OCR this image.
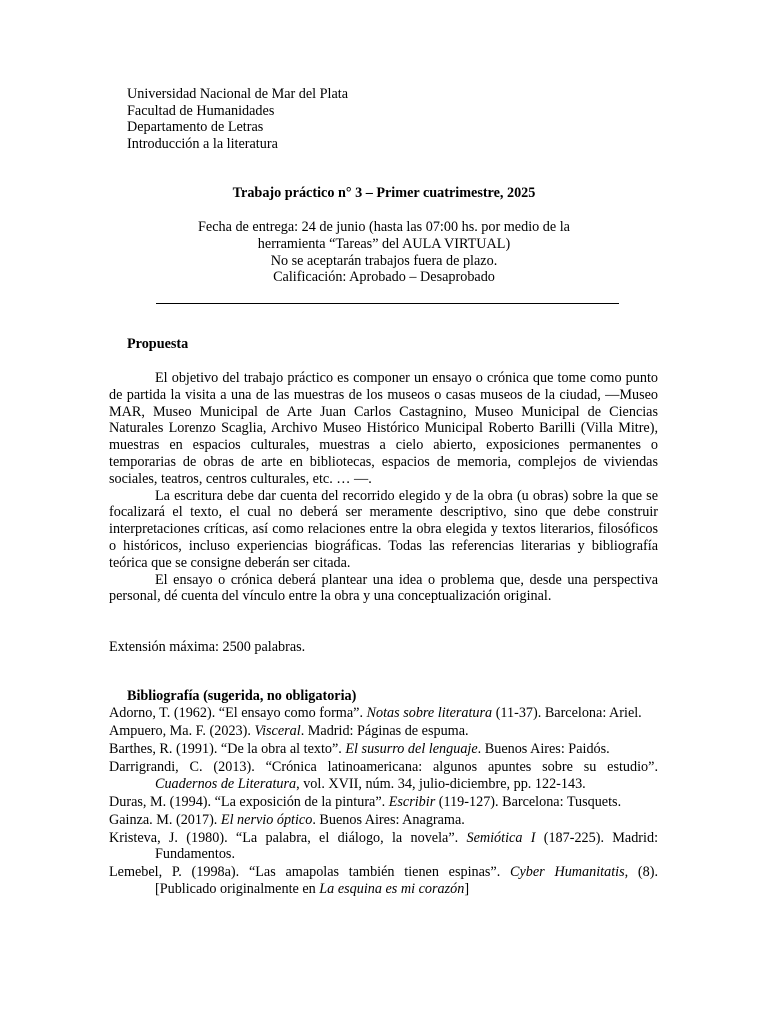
Universidad Nacional de Mar del Plata
Facultad de Humanidades
Departamento de Letras
Introducción a la literatura
Trabajo práctico n° 3 – Primer cuatrimestre, 2025
Fecha de entrega: 24 de junio (hasta las 07:00 hs. por medio de la
herramienta “Tareas” del AULA VIRTUAL)
No se aceptarán trabajos fuera de plazo.
Calificación: Aprobado – Desaprobado
Propuesta

El objetivo del trabajo práctico es componer un ensayo o crónica que tome como punto de partida la visita a una de las muestras de los museos o casas museos de la ciudad, —Museo MAR, Museo Municipal de Arte Juan Carlos Castagnino, Museo Municipal de Ciencias Naturales Lorenzo Scaglia, Archivo Museo Histórico Municipal Roberto Barilli (Villa Mitre), muestras en espacios culturales, muestras a cielo abierto, exposiciones permanentes o temporarias de obras de arte en bibliotecas, espacios de memoria, complejos de viviendas sociales, teatros, centros culturales, etc. … —.

La escritura debe dar cuenta del recorrido elegido y de la obra (u obras) sobre la que se focalizará el texto, el cual no deberá ser meramente descriptivo, sino que debe construir interpretaciones críticas, así como relaciones entre la obra elegida y textos literarios, filosóficos o históricos, incluso experiencias biográficas. Todas las referencias literarias y bibliografía teórica que se consigne deberán ser citada.

El ensayo o crónica deberá plantear una idea o problema que, desde una perspectiva personal, dé cuenta del vínculo entre la obra y una conceptualización original.

Extensión máxima: 2500 palabras.
Bibliografía (sugerida, no obligatoria)

Adorno, T. (1962). “El ensayo como forma”. Notas sobre literatura (11-37). Barcelona: Ariel.

Ampuero, Ma. F. (2023). Visceral. Madrid: Páginas de espuma.

Barthes, R. (1991). “De la obra al texto”. El susurro del lenguaje. Buenos Aires: Paidós.

Darrigrandi, C. (2013). “Crónica latinoamericana: algunos apuntes sobre su estudio”. Cuadernos de Literatura, vol. XVII, núm. 34, julio-diciembre, pp. 122-143.

Duras, M. (1994). “La exposición de la pintura”. Escribir (119-127). Barcelona: Tusquets.

Gainza. M. (2017). El nervio óptico. Buenos Aires: Anagrama.

Kristeva, J. (1980). “La palabra, el diálogo, la novela”. Semiótica I (187-225). Madrid: Fundamentos.

Lemebel, P. (1998a). “Las amapolas también tienen espinas”. Cyber Humanitatis, (8). [Publicado originalmente en La esquina es mi corazón]
